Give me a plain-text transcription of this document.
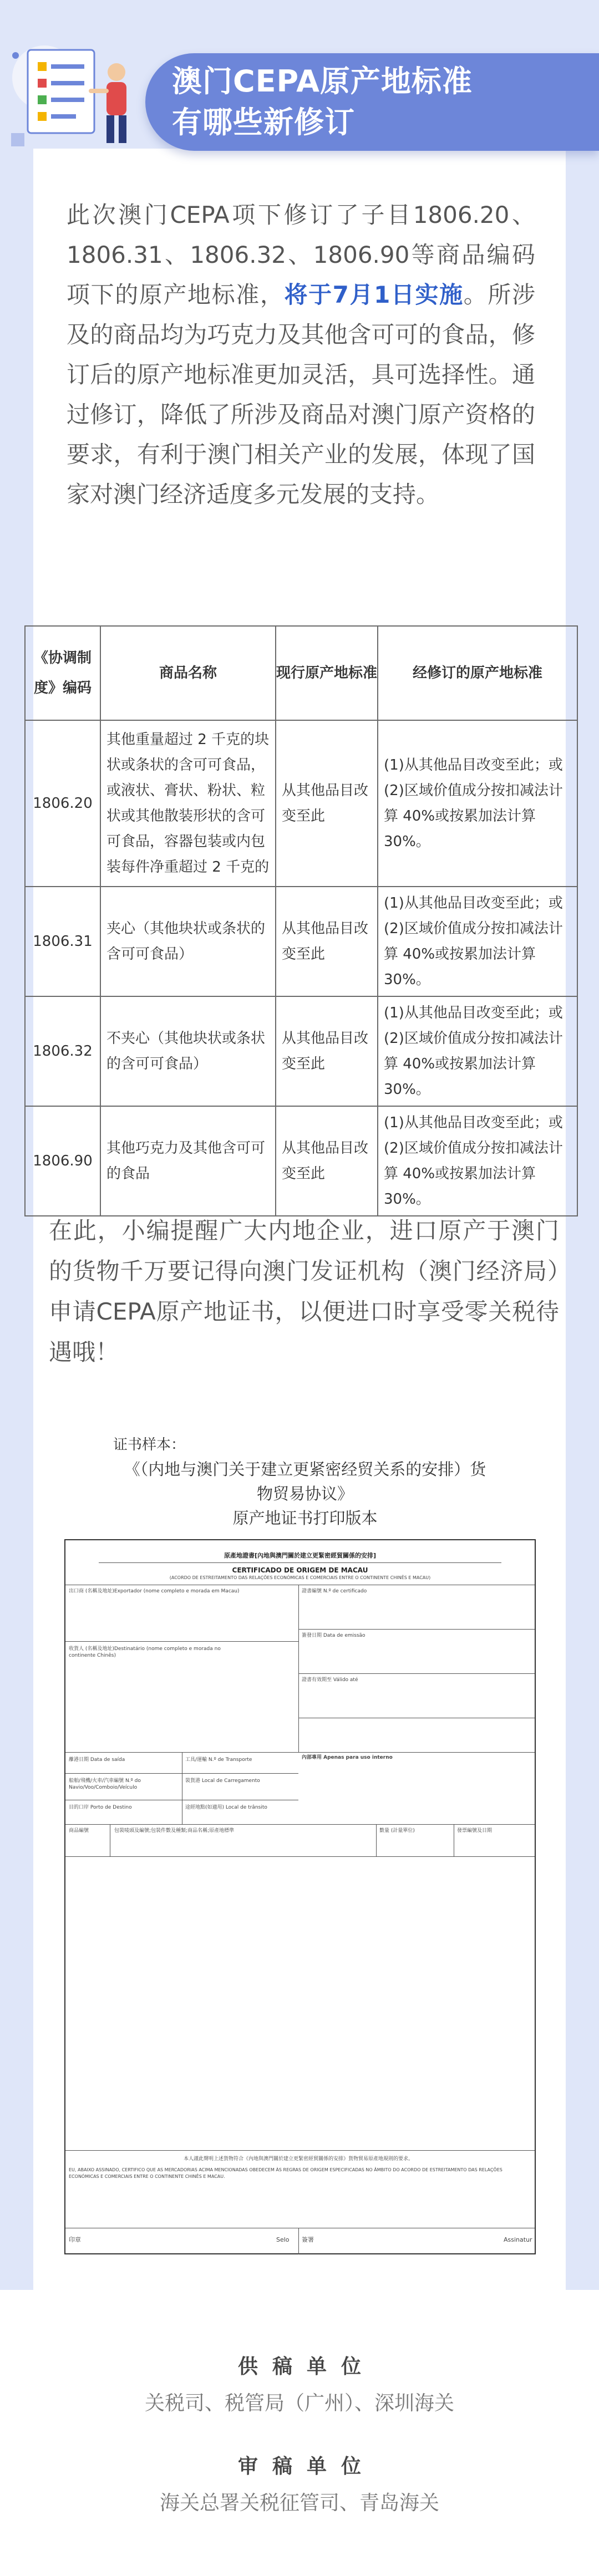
澳门CEPA原产地标准
有哪些新修订
此次澳门CEPA项下修订了子目1806.20、1806.31、1806.32、1806.90等商品编码项下的原产地标准，将于7月1日实施。所涉及的商品均为巧克力及其他含可可的食品，修订后的原产地标准更加灵活，具可选择性。通过修订，降低了所涉及商品对澳门原产资格的要求，有利于澳门相关产业的发展，体现了国家对澳门经济适度多元发展的支持。
《协调制度》编码	商品名称	现行原产地标准	经修订的原产地标准
1806.20	其他重量超过 2 千克的块状或条状的含可可食品，或液状、膏状、粉状、粒状或其他散装形状的含可可食品，容器包装或内包装每件净重超过 2 千克的	从其他品目改变至此	(1)从其他品目改变至此；或(2)区域价值成分按扣减法计算 40%或按累加法计算 30%。
1806.31	夹心（其他块状或条状的含可可食品）	从其他品目改变至此	(1)从其他品目改变至此；或(2)区域价值成分按扣减法计算 40%或按累加法计算 30%。
1806.32	不夹心（其他块状或条状的含可可食品）	从其他品目改变至此	(1)从其他品目改变至此；或(2)区域价值成分按扣减法计算 40%或按累加法计算 30%。
1806.90	其他巧克力及其他含可可的食品	从其他品目改变至此	(1)从其他品目改变至此；或(2)区域价值成分按扣减法计算 40%或按累加法计算 30%。
在此，小编提醒广大内地企业，进口原产于澳门的货物千万要记得向澳门发证机构（澳门经济局）申请CEPA原产地证书，以便进口时享受零关税待遇哦！
证书样本：
《（内地与澳门关于建立更紧密经贸关系的安排）货
物贸易协议》
原产地证书打印版本
原產地證書[內地與澳門關於建立更緊密經貿關係的安排]
CERTIFICADO DE ORIGEM DE MACAU
(ACORDO DE ESTREITAMENTO DAS RELAÇÕES ECONÓMICAS E COMERCIAIS ENTRE O CONTINENTE CHINÊS E MACAU)
出口商 (名稱及地址)Exportador (nome completo e morada em Macau)	證書編號 N.º de certificado
收貨人 (名稱及地址)Destinatário (nome completo e morada no continente Chinês)
簽發日期 Data de emissão
證書有效期至 Válido até
內部專用 Apenas para uso interno
離港日期 Data de saída	工具/運輸 N.º de Transporte
船舶/飛機/火車/汽車編號 N.º do Navio/Voo/Comboio/Veículo
裝貨港 Local de Carregamento
目的口岸 Porto de Destino	途經地點(如適用) Local de trânsito
商品編號	包裝唛頭及編號;包裝件數及種類;商品名稱;原產地標準	數量 (計量單位)	發票編號及日期
本人謹此聲明上述貨物符合《內地與澳門關於建立更緊密經貿關係的安排》貨物貿易原產地規則的要求。
EU, ABAIXO ASSINADO, CERTIFICO QUE AS MERCADORIAS ACIMA MENCIONADAS OBEDECEM ÀS REGRAS DE ORIGEM ESPECIFICADAS NO ÂMBITO DO ACORDO DE ESTREITAMENTO DAS RELAÇÕES ECONÓMICAS E COMERCIAIS ENTRE O CONTINENTE CHINÊS E MACAU.
印章	Selo 簽署	Assinatur
供稿单位
关税司、税管局（广州）、深圳海关
审稿单位
海关总署关税征管司、青岛海关
